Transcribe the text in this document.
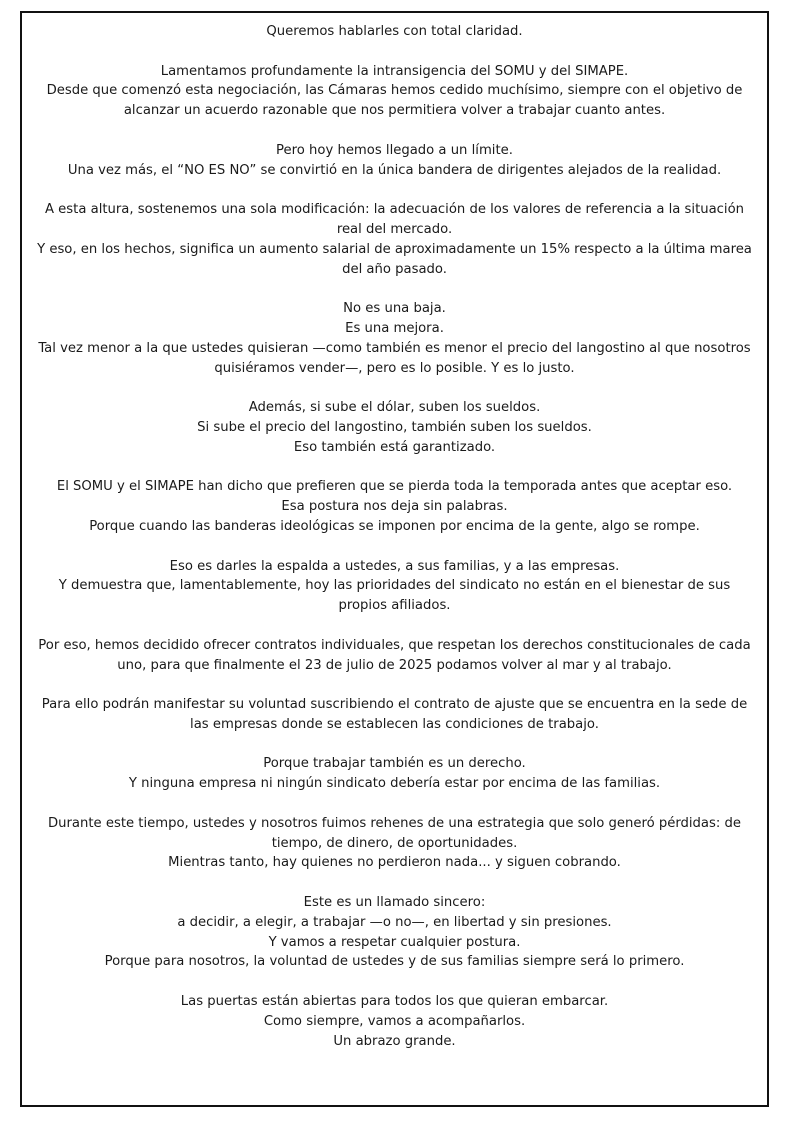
Queremos hablarles con total claridad.

Lamentamos profundamente la intransigencia del SOMU y del SIMAPE.
Desde que comenzó esta negociación, las Cámaras hemos cedido muchísimo, siempre con el objetivo de alcanzar un acuerdo razonable que nos permitiera volver a trabajar cuanto antes.

Pero hoy hemos llegado a un límite.
Una vez más, el “NO ES NO” se convirtió en la única bandera de dirigentes alejados de la realidad.

A esta altura, sostenemos una sola modificación: la adecuación de los valores de referencia a la situación real del mercado.
Y eso, en los hechos, significa un aumento salarial de aproximadamente un 15% respecto a la última marea del año pasado.

No es una baja.
Es una mejora.
Tal vez menor a la que ustedes quisieran —como también es menor el precio del langostino al que nosotros quisiéramos vender—, pero es lo posible. Y es lo justo.

Además, si sube el dólar, suben los sueldos.
Si sube el precio del langostino, también suben los sueldos.
Eso también está garantizado.

El SOMU y el SIMAPE han dicho que prefieren que se pierda toda la temporada antes que aceptar eso.
Esa postura nos deja sin palabras.
Porque cuando las banderas ideológicas se imponen por encima de la gente, algo se rompe.

Eso es darles la espalda a ustedes, a sus familias, y a las empresas.
Y demuestra que, lamentablemente, hoy las prioridades del sindicato no están en el bienestar de sus propios afiliados.

Por eso, hemos decidido ofrecer contratos individuales, que respetan los derechos constitucionales de cada uno, para que finalmente el 23 de julio de 2025 podamos volver al mar y al trabajo.

Para ello podrán manifestar su voluntad suscribiendo el contrato de ajuste que se encuentra en la sede de las empresas donde se establecen las condiciones de trabajo.

Porque trabajar también es un derecho.
Y ninguna empresa ni ningún sindicato debería estar por encima de las familias.

Durante este tiempo, ustedes y nosotros fuimos rehenes de una estrategia que solo generó pérdidas: de tiempo, de dinero, de oportunidades.
Mientras tanto, hay quienes no perdieron nada... y siguen cobrando.

Este es un llamado sincero:
a decidir, a elegir, a trabajar —o no—, en libertad y sin presiones.
Y vamos a respetar cualquier postura.
Porque para nosotros, la voluntad de ustedes y de sus familias siempre será lo primero.

Las puertas están abiertas para todos los que quieran embarcar.
Como siempre, vamos a acompañarlos.
Un abrazo grande.
